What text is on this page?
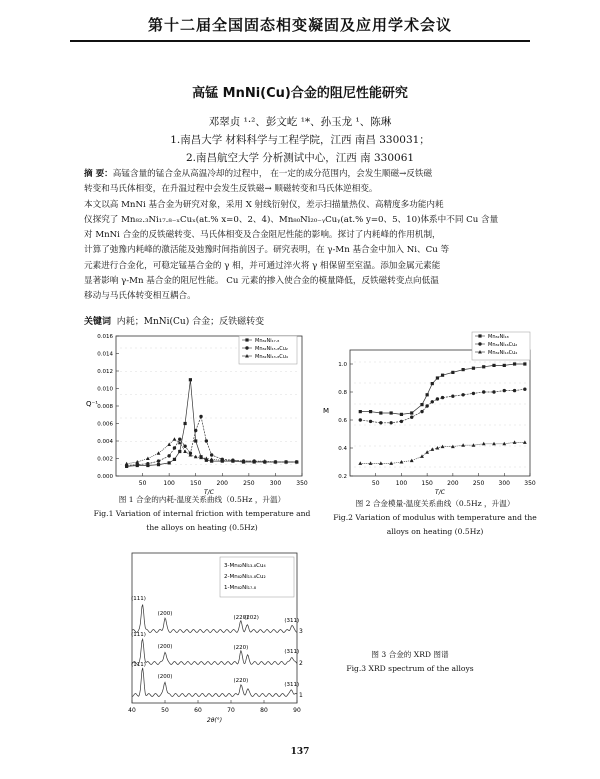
第十二届全国固态相变凝固及应用学术会议
高锰 MnNi(Cu)合金的阻尼性能研究
邓翠贞 ¹·²、彭文屹 ¹*、孙玉龙 ¹、陈琳
1.南昌大学 材料科学与工程学院，江西 南昌 330031；
2.南昌航空大学 分析测试中心，江西 南 330061
摘 要：高锰含量的锰合金从高温冷却的过程中， 在一定的成分范围内，会发生顺磁→反铁磁
转变和马氏体相变，在升温过程中会发生反铁磁→ 顺磁转变和马氏体逆相变。
本文以高 MnNi 基合金为研究对象，采用 X 射线衍射仪，差示扫描量热仪、高精度多功能内耗
仪探究了 Mn₈₂.₃Ni₁₇.₈₋ₓCuₓ(at.% x=0、2、4)、Mn₈₀Ni₂₀₋ᵧCuᵧ(at.% y=0、5、10)体系中不同 Cu 含量
对 MnNi 合金的反铁磁转变、马氏体相变及合金阻尼性能的影响。探讨了内耗峰的作用机制，
计算了弛豫内耗峰的激活能及弛豫时间指前因子。研究表明，在 γ-Mn 基合金中加入 Ni、Cu 等
元素进行合金化，可稳定锰基合金的 γ 相，并可通过淬火将 γ 相保留至室温。添加金属元素能
显著影响 γ-Mn 基合金的阻尼性能。 Cu 元素的掺入使合金的模量降低，反铁磁转变点向低温
移动与马氏体转变相互耦合。
关键词 内耗；MnNi(Cu) 合金；反铁磁转变
50	100	150	200	250	300	350
0.000
0.002
0.004
0.006
0.008
0.010
0.012
0.014
0.016
T/C
Q⁻¹
Mn₈₂Ni₁₇.₈
Mn₈₂Ni₁₅.₈Cu₂
Mn₈₂Ni₁₃.₈Cu₄
50	100 150 200 250 300 350
0.2
0.4
0.6
0.8
1.0
T/C
M
Mn₈₂Ni₁₈
Mn₈₂Ni₁₆Cu₂
Mn₈₂Ni₁₄Cu₄
图 1 合金的内耗-温度关系曲线（0.5Hz ，升温）
Fig.1 Variation of internal friction with temperature and
the alloys on heating (0.5Hz)
图 2 合金模量-温度关系曲线（0.5Hz ，升温）
Fig.2 Variation of modulus with temperature and the
alloys on heating (0.5Hz)
40	50	60	70	80	90
2θ(°)
3-Mn₈₂Ni₁₃.₈Cu₄
2-Mn₈₂Ni₁₅.₈Cu₂
1-Mn₈₂Ni₁₇.₈
1
(111)
(200)
(220)
(311)
2
(111)
(200)	(220)
(311)
3
(111)
(200)
(220)	(311)
(202)
图 3 合金的 XRD 图谱
Fig.3 XRD spectrum of the alloys
137
